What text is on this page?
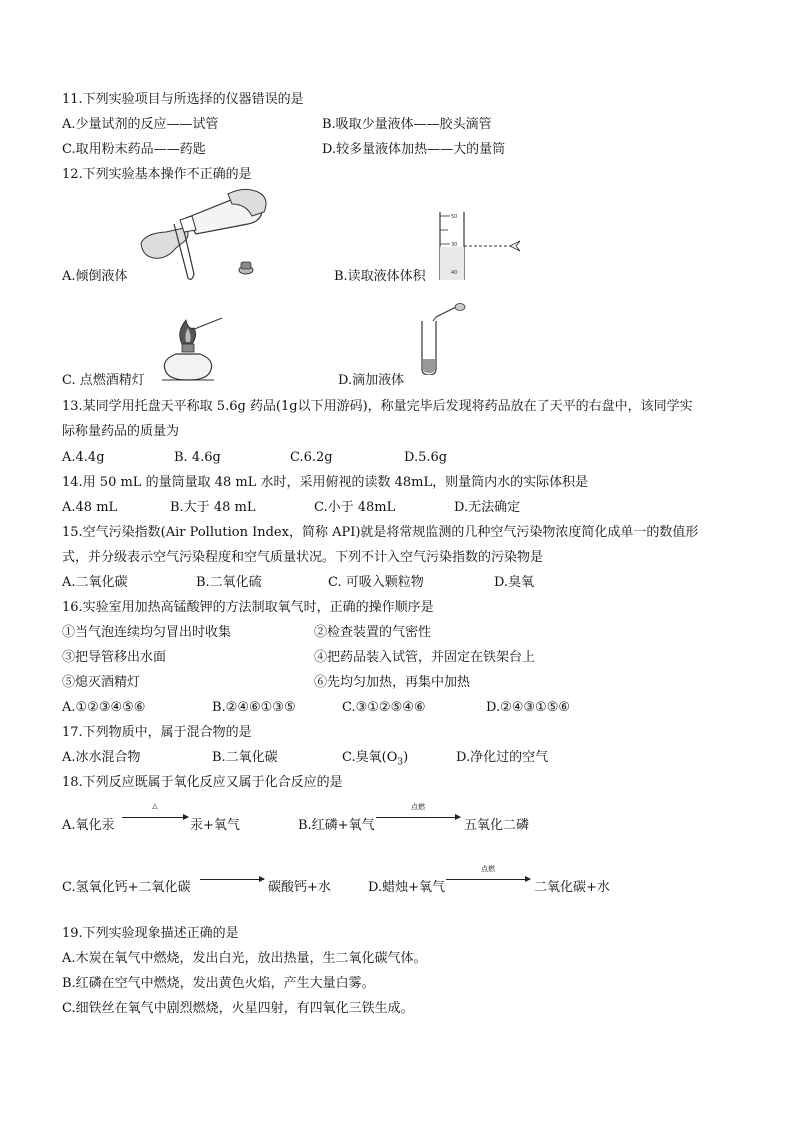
11.下列实验项目与所选择的仪器错误的是
A.少量试剂的反应——试管	B.吸取少量液体——胶头滴管
C.取用粉末药品——药匙	D.较多量液体加热——大的量筒
12.下列实验基本操作不正确的是
A.倾倒液体
50
30
40
B.读取液体体积
C. 点燃酒精灯	D.滴加液体
13.某同学用托盘天平称取 5.6g 药品(1g以下用游码)，称量完毕后发现将药品放在了天平的右盘中，该同学实
际称量药品的质量为
A.4.4g	B. 4.6g	C.6.2g	D.5.6g
14.用 50 mL 的量筒量取 48 mL 水时，采用俯视的读数 48mL，则量筒内水的实际体积是
A.48 mL	B.大于 48 mL	C.小于 48mL	D.无法确定
15.空气污染指数(Air Pollution Index，简称 API)就是将常规监测的几种空气污染物浓度简化成单一的数值形
式，并分级表示空气污染程度和空气质量状况。下列不计入空气污染指数的污染物是
A.二氧化碳	B.二氧化硫	C. 可吸入颗粒物	D.臭氧
16.实验室用加热高锰酸钾的方法制取氧气时，正确的操作顺序是
①当气泡连续均匀冒出时收集	②检查装置的气密性
③把导管移出水面	④把药品装入试管，并固定在铁架台上
⑤熄灭酒精灯	⑥先均匀加热，再集中加热
A.①②③④⑤⑥	B.②④⑥①③⑤	C.③①②⑤④⑥	D.②④③①⑤⑥
17.下列物质中，属于混合物的是
A.冰水混合物	B.二氧化碳	C.臭氧$(O_3)$	D.净化过的空气
18.下列反应既属于氧化反应又属于化合反应的是
A.氧化汞
△
汞+氧气	B.红磷+氧气
点燃
五氧化二磷
C.氢氧化钙+二氧化碳	碳酸钙+水	D.蜡烛+氧气
点燃
二氧化碳+水
19.下列实验现象描述正确的是
A.木炭在氧气中燃烧，发出白光，放出热量，生二氧化碳气体。
B.红磷在空气中燃烧，发出黄色火焰，产生大量白雾。
C.细铁丝在氧气中剧烈燃烧，火星四射，有四氧化三铁生成。
